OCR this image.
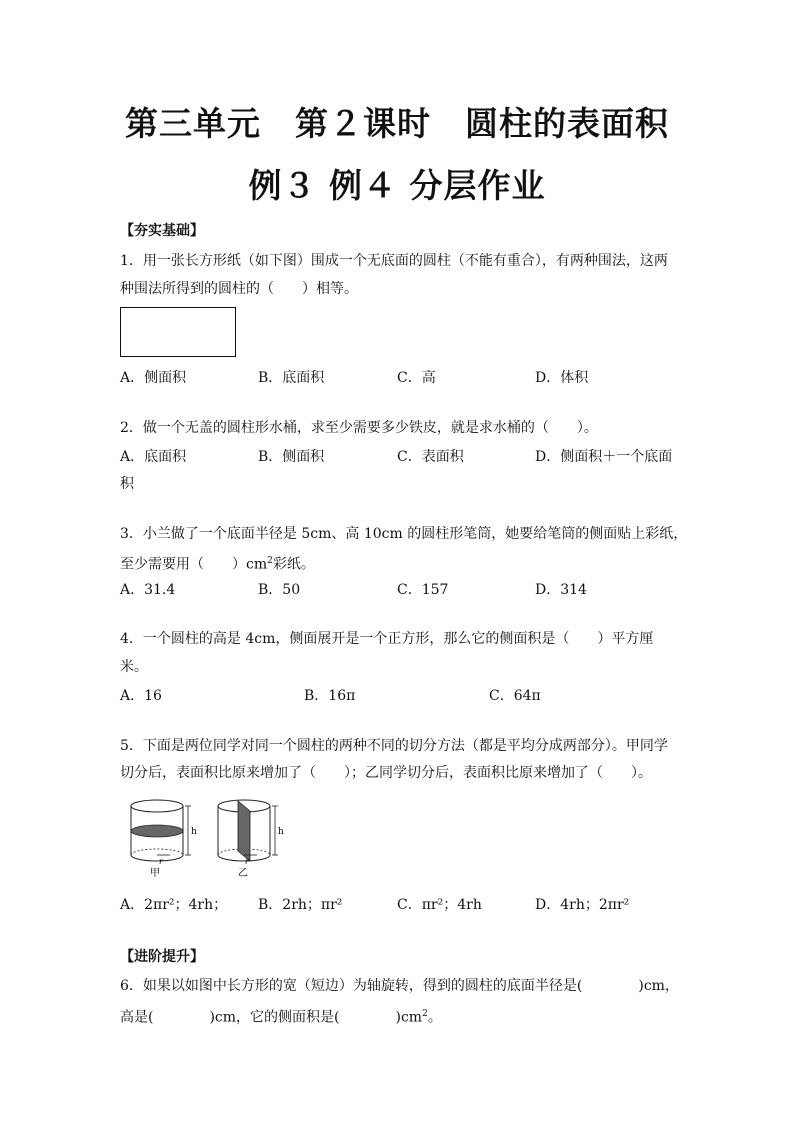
第三单元　第２课时　圆柱的表面积
例３ 例４ 分层作业
【夯实基础】
1．用一张长方形纸（如下图）围成一个无底面的圆柱（不能有重合），有两种围法，这两
种围法所得到的圆柱的（　　）相等。
A．侧面积	B．底面积	C．高	D．体积
2．做一个无盖的圆柱形水桶，求至少需要多少铁皮，就是求水桶的（　　）。
A．底面积	B．侧面积	C．表面积	D．侧面积＋一个底面
积
3．小兰做了一个底面半径是 5cm、高 10cm 的圆柱形笔筒，她要给笔筒的侧面贴上彩纸，
至少需要用（　　）$cm^2$彩纸。
A．31.4	B．50	C．157	D．314
4．一个圆柱的高是 4cm，侧面展开是一个正方形，那么它的侧面积是（　　）平方厘
米。
A．16	B．16π	C．64π
5．下面是两位同学对同一个圆柱的两种不同的切分方法（都是平均分成两部分）。甲同学
切分后，表面积比原来增加了（　　）；乙同学切分后，表面积比原来增加了（　　）。
h
r
甲
h
r
乙
A．2πr²；4rh； B．2rh；πr²	C．πr²；4rh	D．4rh；2πr²
【进阶提升】
6．如果以如图中长方形的宽（短边）为轴旋转，得到的圆柱的底面半径是(　　　　)cm，
高是(　　　　)cm，它的侧面积是(　　　　)$cm^2$。
